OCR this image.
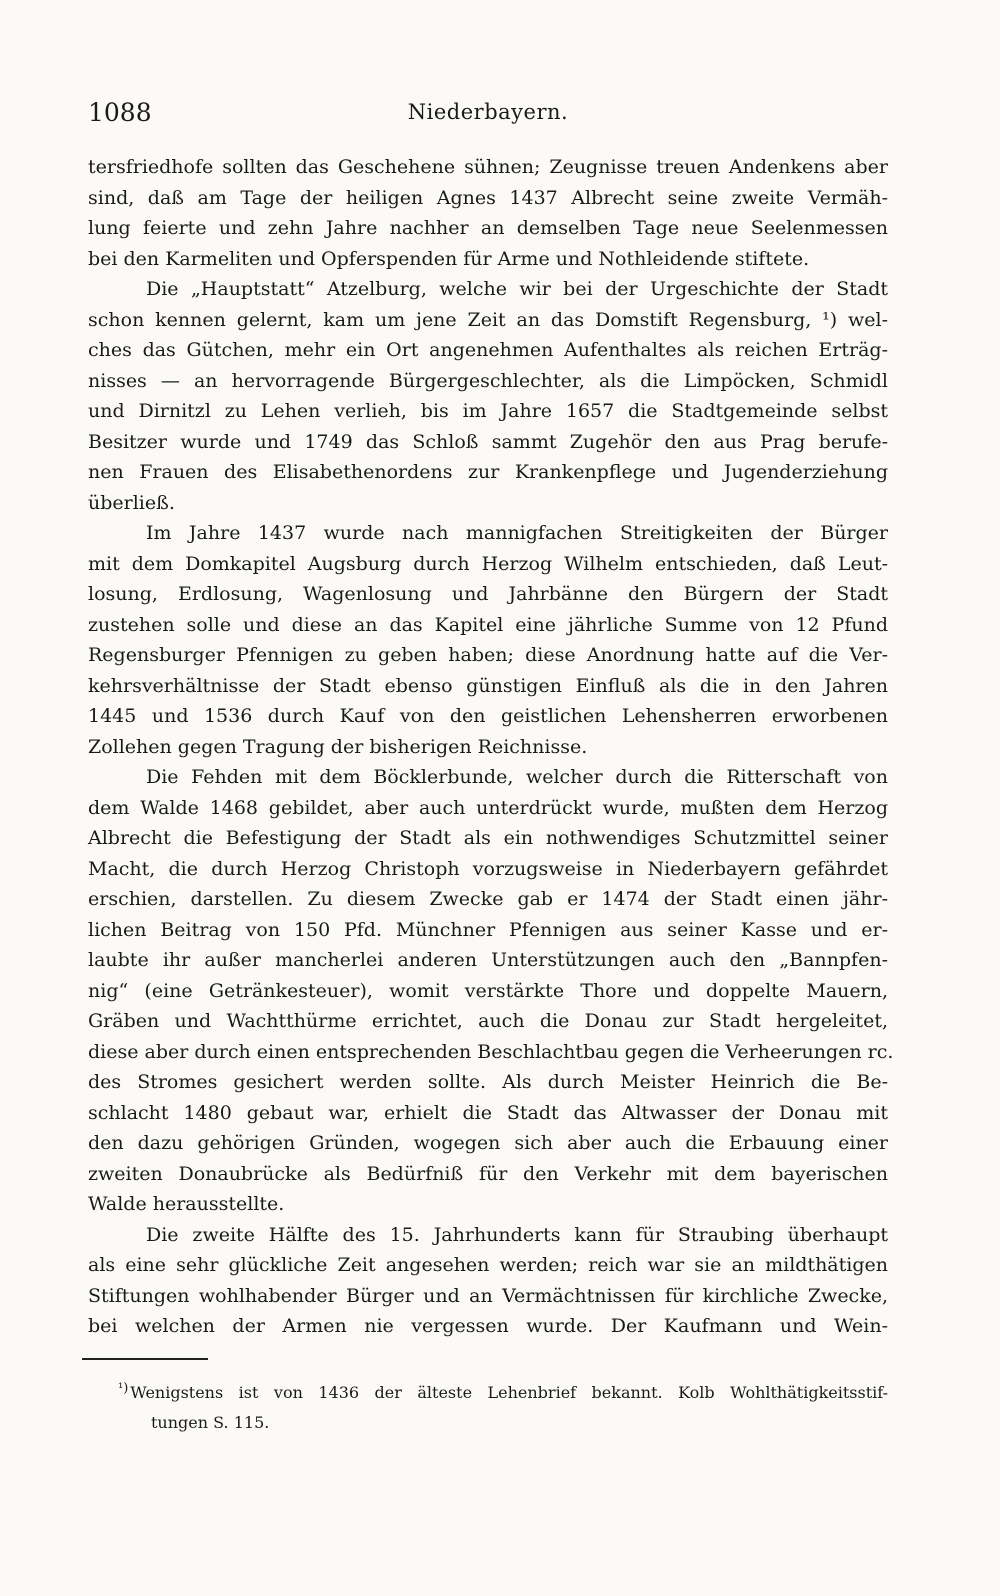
1088	Niederbayern.
tersfriedhofe sollten das Geschehene sühnen; Zeugnisse treuen Andenkens aber
sind, daß am Tage der heiligen Agnes 1437 Albrecht seine zweite Vermäh-
lung feierte und zehn Jahre nachher an demselben Tage neue Seelenmessen
bei den Karmeliten und Opferspenden für Arme und Nothleidende stiftete.
Die „Hauptstatt“ Atzelburg, welche wir bei der Urgeschichte der Stadt
schon kennen gelernt, kam um jene Zeit an das Domstift Regensburg, ¹) wel-
ches das Gütchen, mehr ein Ort angenehmen Aufenthaltes als reichen Erträg-
nisses — an hervorragende Bürgergeschlechter, als die Limpöcken, Schmidl
und Dirnitzl zu Lehen verlieh, bis im Jahre 1657 die Stadtgemeinde selbst
Besitzer wurde und 1749 das Schloß sammt Zugehör den aus Prag berufe-
nen Frauen des Elisabethenordens zur Krankenpflege und Jugenderziehung
überließ.
Im Jahre 1437 wurde nach mannigfachen Streitigkeiten der Bürger
mit dem Domkapitel Augsburg durch Herzog Wilhelm entschieden, daß Leut-
losung, Erdlosung, Wagenlosung und Jahrbänne den Bürgern der Stadt
zustehen solle und diese an das Kapitel eine jährliche Summe von 12 Pfund
Regensburger Pfennigen zu geben haben; diese Anordnung hatte auf die Ver-
kehrsverhältnisse der Stadt ebenso günstigen Einfluß als die in den Jahren
1445 und 1536 durch Kauf von den geistlichen Lehensherren erworbenen
Zollehen gegen Tragung der bisherigen Reichnisse.
Die Fehden mit dem Böcklerbunde, welcher durch die Ritterschaft von
dem Walde 1468 gebildet, aber auch unterdrückt wurde, mußten dem Herzog
Albrecht die Befestigung der Stadt als ein nothwendiges Schutzmittel seiner
Macht, die durch Herzog Christoph vorzugsweise in Niederbayern gefährdet
erschien, darstellen. Zu diesem Zwecke gab er 1474 der Stadt einen jähr-
lichen Beitrag von 150 Pfd. Münchner Pfennigen aus seiner Kasse und er-
laubte ihr außer mancherlei anderen Unterstützungen auch den „Bannpfen-
nig“ (eine Getränkesteuer), womit verstärkte Thore und doppelte Mauern,
Gräben und Wachtthürme errichtet, auch die Donau zur Stadt hergeleitet,
diese aber durch einen entsprechenden Beschlachtbau gegen die Verheerungen rc.
des Stromes gesichert werden sollte. Als durch Meister Heinrich die Be-
schlacht 1480 gebaut war, erhielt die Stadt das Altwasser der Donau mit
den dazu gehörigen Gründen, wogegen sich aber auch die Erbauung einer
zweiten Donaubrücke als Bedürfniß für den Verkehr mit dem bayerischen
Walde herausstellte.
Die zweite Hälfte des 15. Jahrhunderts kann für Straubing überhaupt
als eine sehr glückliche Zeit angesehen werden; reich war sie an mildthätigen
Stiftungen wohlhabender Bürger und an Vermächtnissen für kirchliche Zwecke,
bei welchen der Armen nie vergessen wurde. Der Kaufmann und Wein-
$^{^1)}$ Wenigstens ist von 1436 der älteste Lehenbrief bekannt. Kolb Wohlthätigkeitsstif-
tungen S. 115.
